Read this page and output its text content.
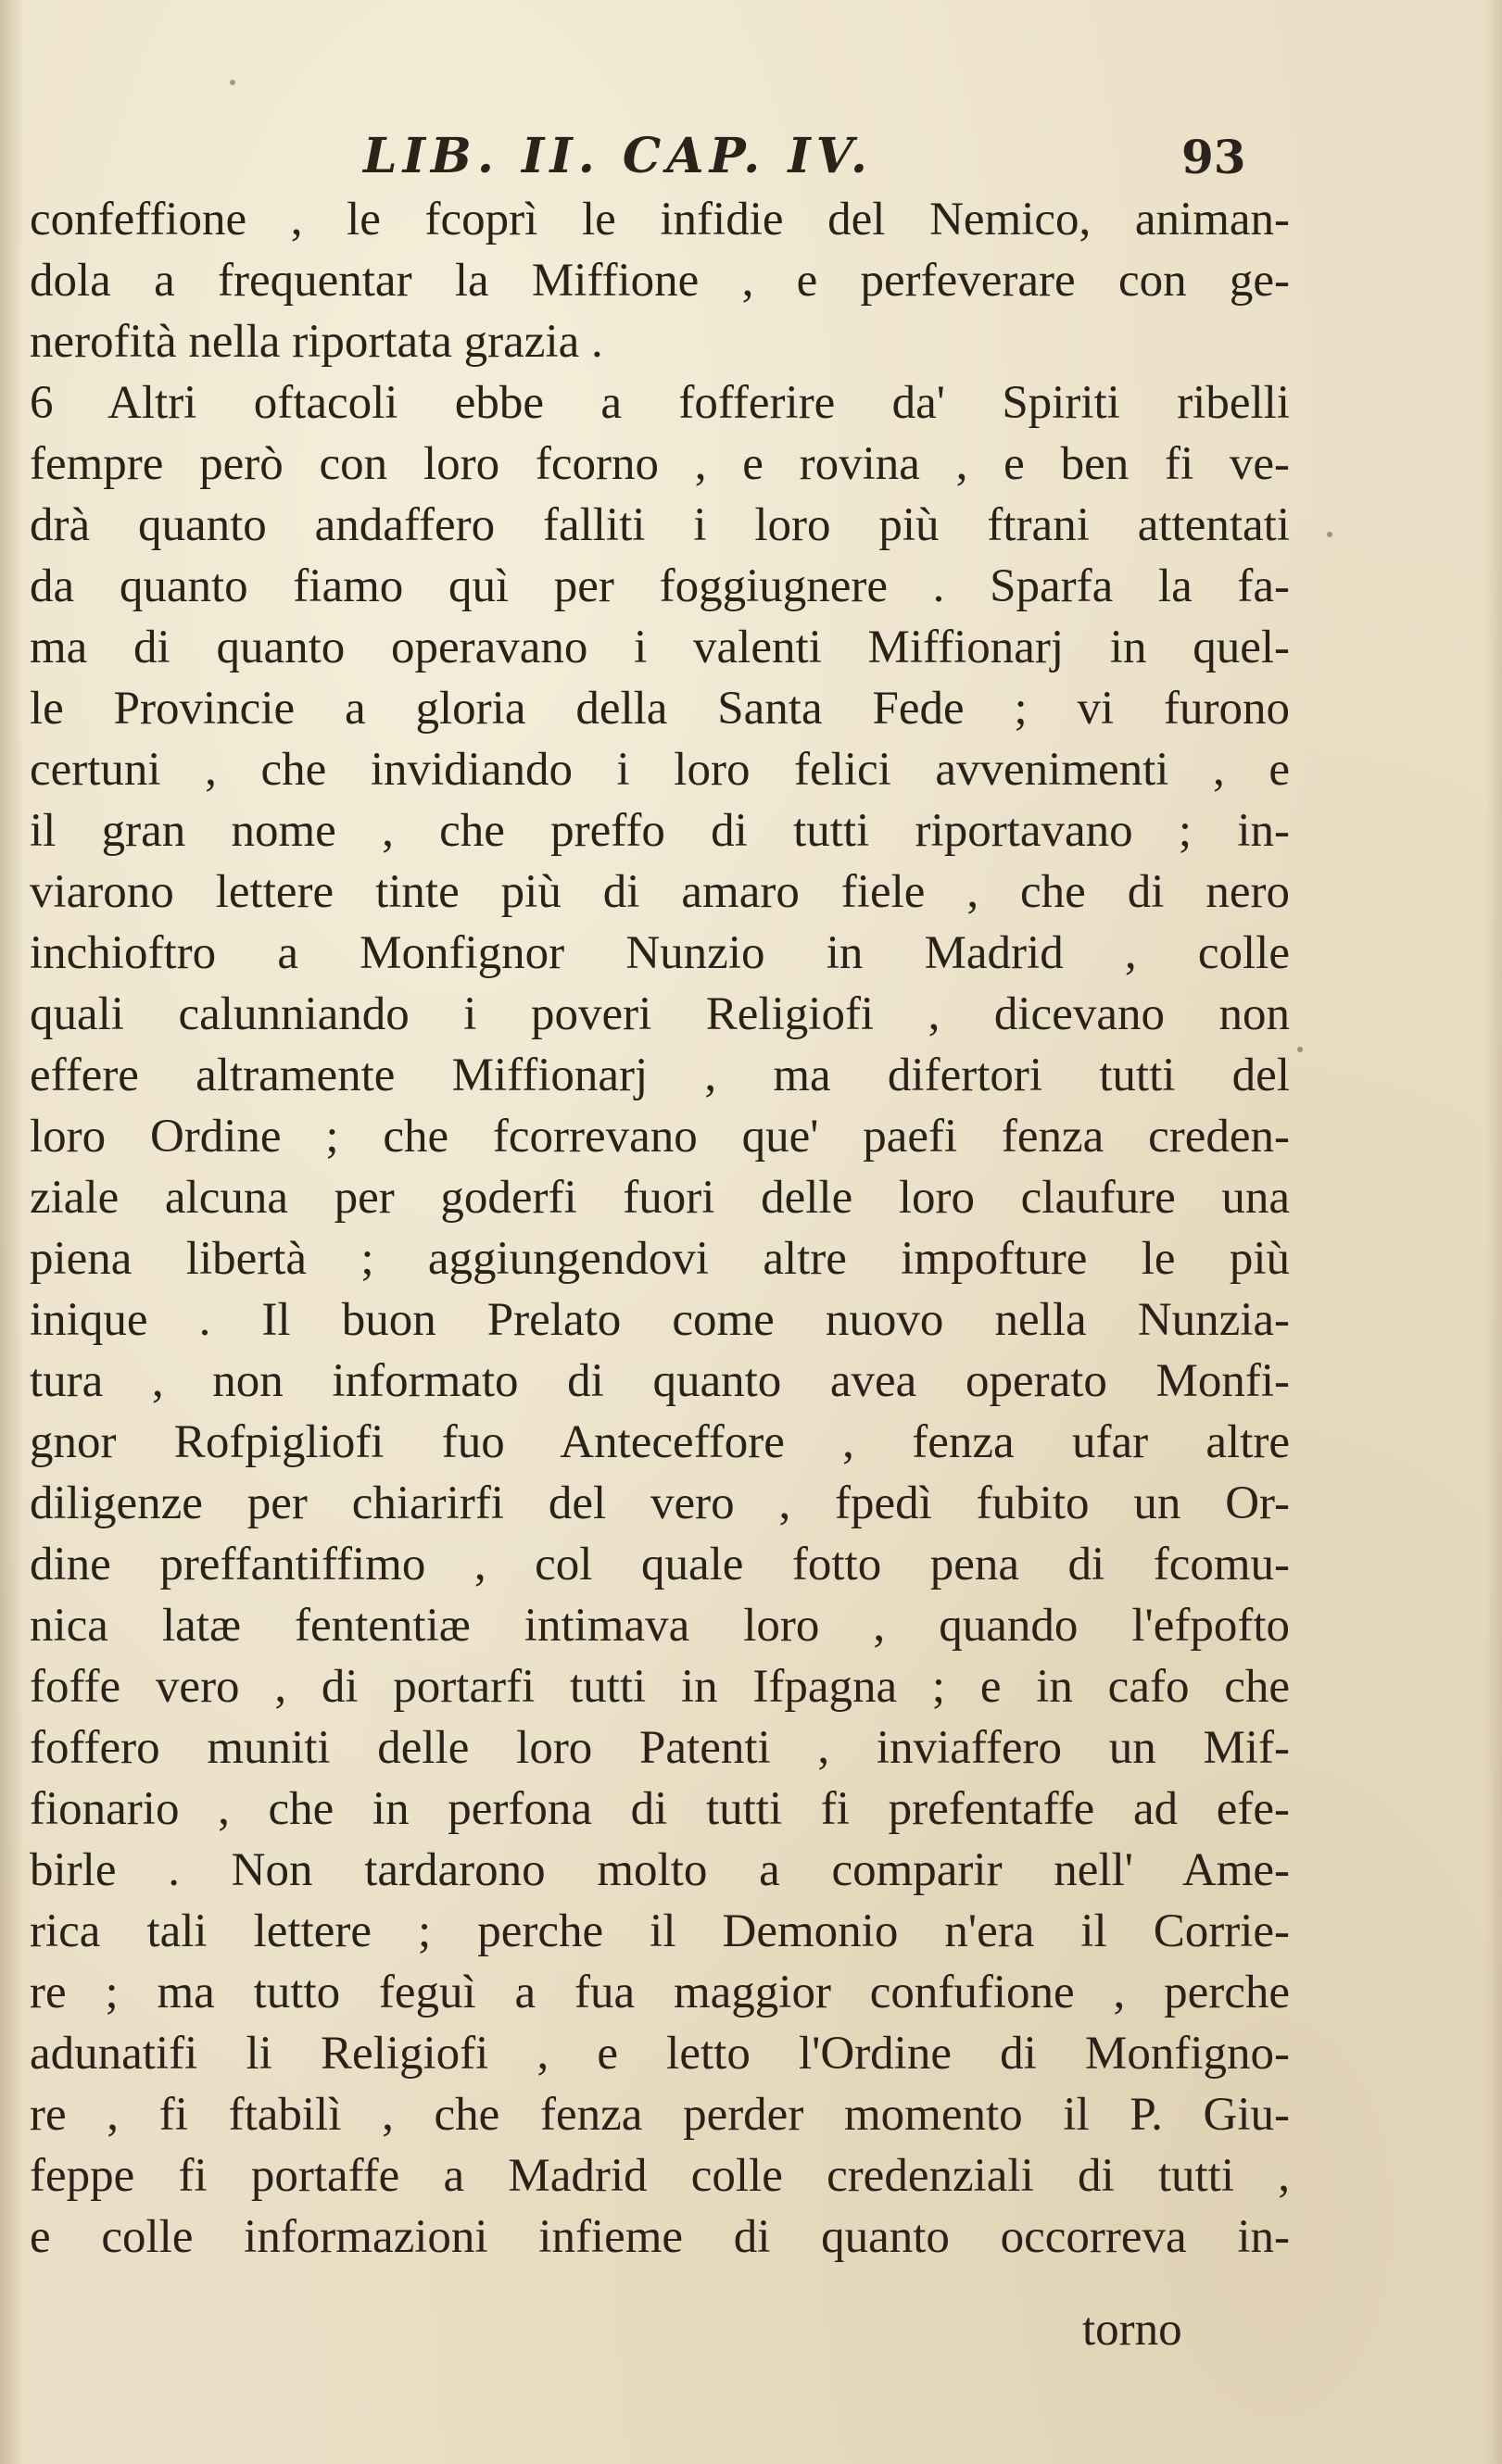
LIB. II. CAP. IV.	93
confeffione , le fcoprì le infidie del Nemico, animan-
dola a frequentar la Miffione , e perfeverare con ge-
nerofità nella riportata grazia .
6 Altri oftacoli ebbe a fofferire da' Spiriti ribelli
fempre però con loro fcorno , e rovina , e ben fi ve-
drà quanto andaffero falliti i loro più ftrani attentati
da quanto fiamo quì per foggiugnere . Sparfa la fa-
ma di quanto operavano i valenti Miffionarj in quel-
le Provincie a gloria della Santa Fede ; vi furono
certuni , che invidiando i loro felici avvenimenti , e
il gran nome , che preffo di tutti riportavano ; in-
viarono lettere tinte più di amaro fiele , che di nero
inchioftro a Monfignor Nunzio in Madrid , colle
quali calunniando i poveri Religiofi , dicevano non
effere altramente Miffionarj , ma difertori tutti del
loro Ordine ; che fcorrevano que' paefi fenza creden-
ziale alcuna per goderfi fuori delle loro claufure una
piena libertà ; aggiungendovi altre impofture le più
inique . Il buon Prelato come nuovo nella Nunzia-
tura , non informato di quanto avea operato Monfi-
gnor Rofpigliofi fuo Anteceffore , fenza ufar altre
diligenze per chiarirfi del vero , fpedì fubito un Or-
dine preffantiffimo , col quale fotto pena di fcomu-
nica latæ fententiæ intimava loro , quando l'efpofto
foffe vero , di portarfi tutti in Ifpagna ; e in cafo che
foffero muniti delle loro Patenti , inviaffero un Mif-
fionario , che in perfona di tutti fi prefentaffe ad efe-
birle . Non tardarono molto a comparir nell' Ame-
rica tali lettere ; perche il Demonio n'era il Corrie-
re ; ma tutto feguì a fua maggior confufione , perche
adunatifi li Religiofi , e letto l'Ordine di Monfigno-
re , fi ftabilì , che fenza perder momento il P. Giu-
feppe fi portaffe a Madrid colle credenziali di tutti ,
e colle informazioni infieme di quanto occorreva in-
torno
